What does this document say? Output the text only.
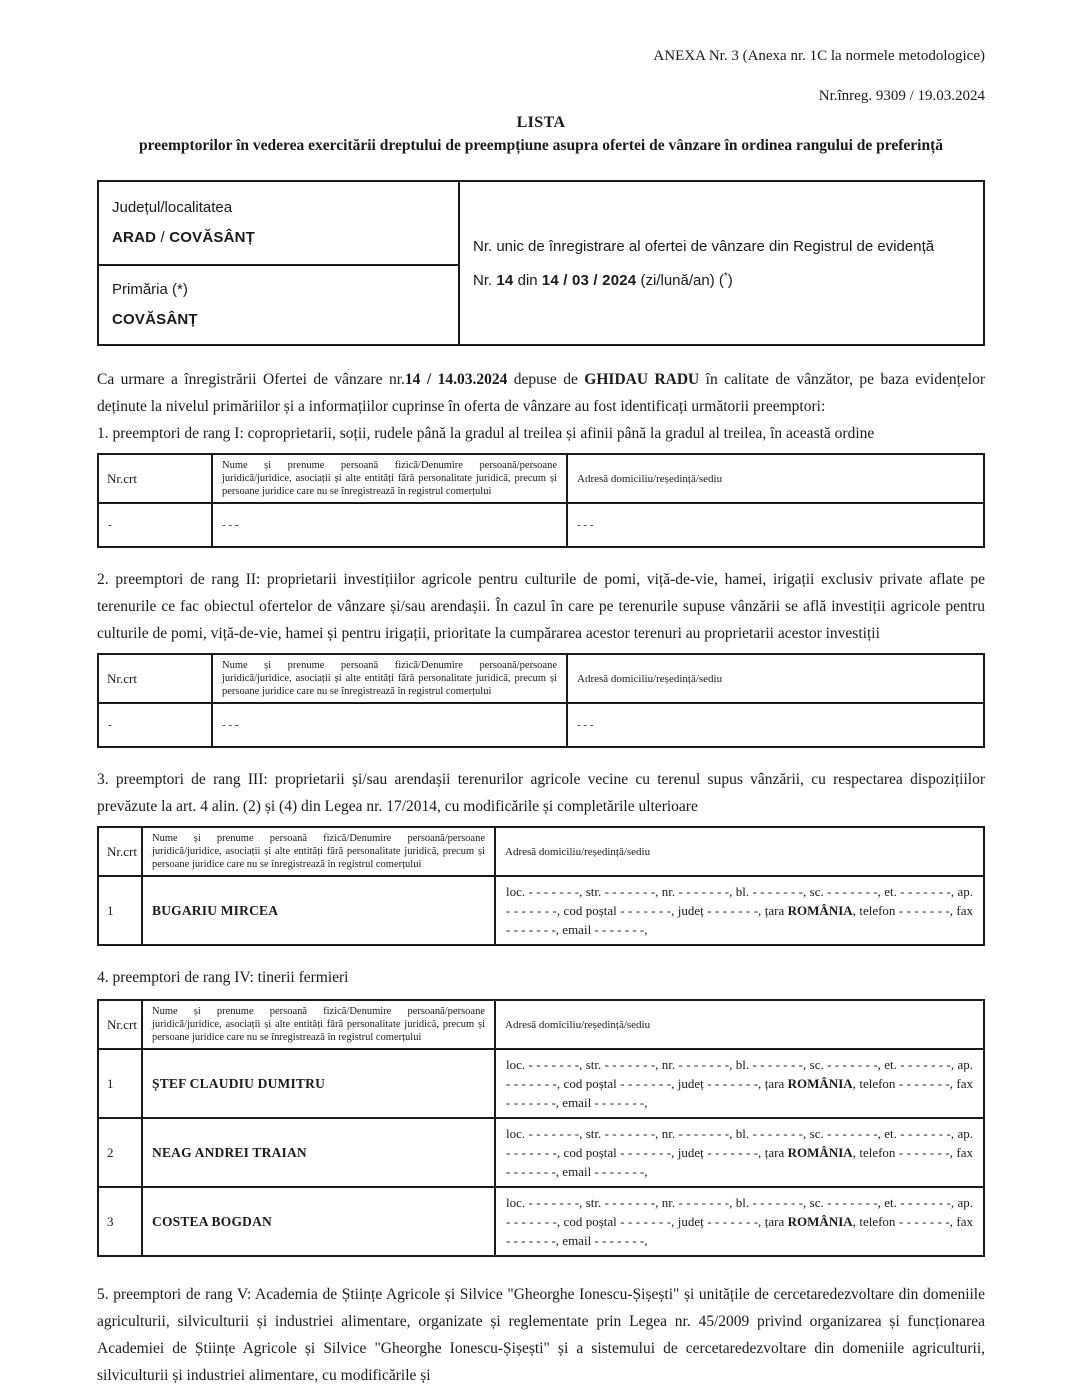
ANEXA Nr. 3 (Anexa nr. 1C la normele metodologice)
Nr.înreg. 9309 / 19.03.2024
LISTA
preemptorilor în vederea exercitării dreptului de preempțiune asupra ofertei de vânzare în ordinea rangului de preferință
Județul/localitatea
ARAD / COVĂSÂNȚ	Nr. unic de înregistrare al ofertei de vânzare din Registrul de evidență
Nr. 14 din 14 / 03 / 2024 (zi/lună/an) (*)

Primăria (*)
COVĂSÂNȚ

Ca urmare a înregistrării Ofertei de vânzare nr.14 / 14.03.2024 depuse de GHIDAU RADU în calitate de vânzător, pe baza evidențelor deținute la nivelul primăriilor și a informațiilor cuprinse în oferta de vânzare au fost identificați următorii preemptori:

1. preemptori de rang I: coproprietarii, soții, rudele până la gradul al treilea și afinii până la gradul al treilea, în această ordine

Nr.crt	Nume și prenume persoană fizică/Denumire persoană/persoane juridică/juridice, asociații și alte entități fără personalitate juridică, precum și persoane juridice care nu se înregistrează în registrul comerțului	Adresă domiciliu/reședință/sediu
-	- - -	- - -

2. preemptori de rang II: proprietarii investițiilor agricole pentru culturile de pomi, viță-de-vie, hamei, irigații exclusiv private aflate pe terenurile ce fac obiectul ofertelor de vânzare și/sau arendașii. În cazul în care pe terenurile supuse vânzării se află investiții agricole pentru culturile de pomi, viță-de-vie, hamei și pentru irigații, prioritate la cumpărarea acestor terenuri au proprietarii acestor investiții

Nr.crt	Nume și prenume persoană fizică/Denumire persoană/persoane juridică/juridice, asociații și alte entități fără personalitate juridică, precum și persoane juridice care nu se înregistrează în registrul comerțului	Adresă domiciliu/reședință/sediu
-	- - -	- - -

3. preemptori de rang III: proprietarii și/sau arendașii terenurilor agricole vecine cu terenul supus vânzării, cu respectarea dispozițiilor prevăzute la art. 4 alin. (2) și (4) din Legea nr. 17/2014, cu modificările și completările ulterioare

Nr.crt	Nume și prenume persoană fizică/Denumire persoană/persoane juridică/juridice, asociații și alte entități fără personalitate juridică, precum și persoane juridice care nu se înregistrează în registrul comerțului	Adresă domiciliu/reședință/sediu
1	BUGARIU MIRCEA	loc. - - - - - - -, str. - - - - - - -, nr. - - - - - - -, bl. - - - - - - -, sc. - - - - - - -, et. - - - - - - -, ap. - - - - - - -, cod poștal - - - - - - -, județ - - - - - - -, țara ROMÂNIA, telefon - - - - - - -, fax - - - - - - -, email - - - - - - -,

4. preemptori de rang IV: tinerii fermieri

Nr.crt	Nume și prenume persoană fizică/Denumire persoană/persoane juridică/juridice, asociații și alte entități fără personalitate juridică, precum și persoane juridice care nu se înregistrează în registrul comerțului	Adresă domiciliu/reședință/sediu
1	ȘTEF CLAUDIU DUMITRU	loc. - - - - - - -, str. - - - - - - -, nr. - - - - - - -, bl. - - - - - - -, sc. - - - - - - -, et. - - - - - - -, ap. - - - - - - -, cod poștal - - - - - - -, județ - - - - - - -, țara ROMÂNIA, telefon - - - - - - -, fax - - - - - - -, email - - - - - - -,
2	NEAG ANDREI TRAIAN	loc. - - - - - - -, str. - - - - - - -, nr. - - - - - - -, bl. - - - - - - -, sc. - - - - - - -, et. - - - - - - -, ap. - - - - - - -, cod poștal - - - - - - -, județ - - - - - - -, țara ROMÂNIA, telefon - - - - - - -, fax - - - - - - -, email - - - - - - -,
3	COSTEA BOGDAN	loc. - - - - - - -, str. - - - - - - -, nr. - - - - - - -, bl. - - - - - - -, sc. - - - - - - -, et. - - - - - - -, ap. - - - - - - -, cod poștal - - - - - - -, județ - - - - - - -, țara ROMÂNIA, telefon - - - - - - -, fax - - - - - - -, email - - - - - - -,

5. preemptori de rang V: Academia de Științe Agricole și Silvice "Gheorghe Ionescu-Șișești" și unitățile de cercetaredezvoltare din domeniile agriculturii, silviculturii și industriei alimentare, organizate și reglementate prin Legea nr. 45/2009 privind organizarea și funcționarea Academiei de Științe Agricole și Silvice "Gheorghe Ionescu-Șișești" și a sistemului de cercetaredezvoltare din domeniile agriculturii, silviculturii și industriei alimentare, cu modificările și
